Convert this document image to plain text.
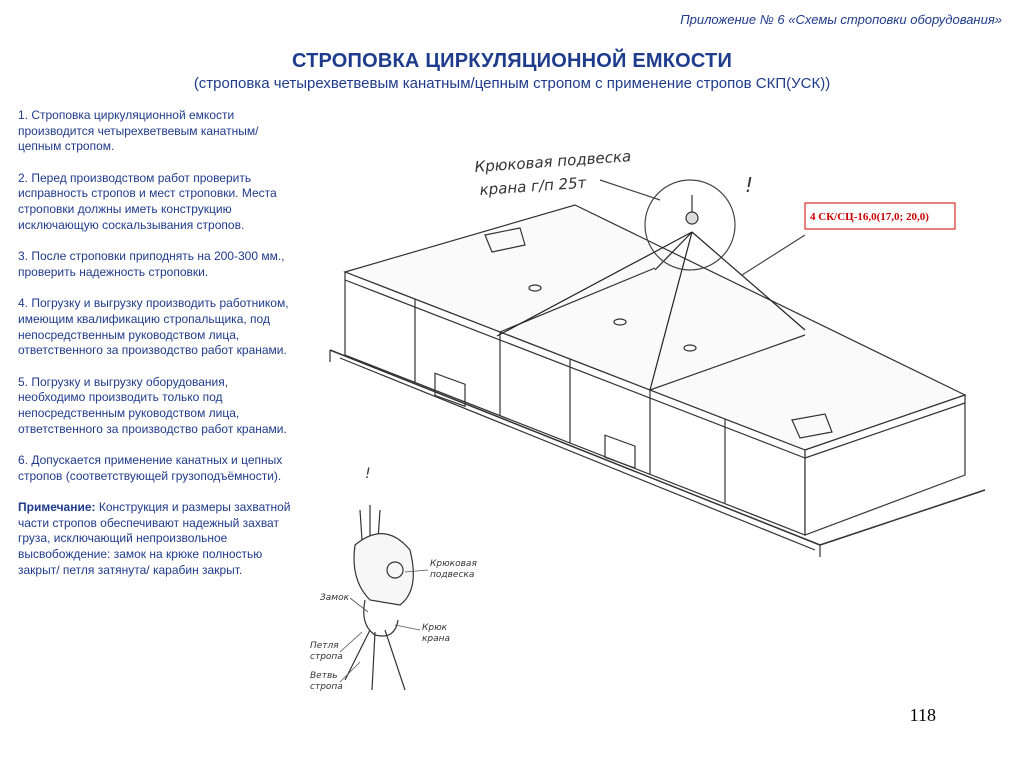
Приложение № 6 «Схемы строповки оборудования»
СТРОПОВКА ЦИРКУЛЯЦИОННОЙ ЕМКОСТИ
(строповка четырехветвевым канатным/цепным стропом с применение стропов СКП(УСК))

1. Строповка циркуляционной емкости производится четырехветвевым канатным/цепным стропом.

2. Перед производством работ проверить исправность стропов и мест строповки. Места строповки должны иметь конструкцию исключающую соскальзывания стропов.

3. После строповки приподнять на 200-300 мм., проверить надежность строповки.

4. Погрузку и выгрузку производить работником, имеющим квалификацию стропальщика, под непосредственным руководством лица, ответственного за производство работ кранами.

5. Погрузку и выгрузку оборудования, необходимо производить только под непосредственным руководством лица, ответственного за производство работ кранами.

6. Допускается применение канатных и цепных стропов (соответствующей грузоподъёмности).

Примечание: Конструкция и размеры захватной части стропов обеспечивают надежный захват груза, исключающий непроизвольное высвобождение: замок на крюке полностью закрыт/ петля затянута/ карабин закрыт.

Крюковая подвеска
крана г/п 25т	!
4 СК/СЦ-16,0(17,0; 20,0)
!
Крюковая
подвеска
Замок
Крюк
крана
Петля
стропа
Ветвь
стропа
118
